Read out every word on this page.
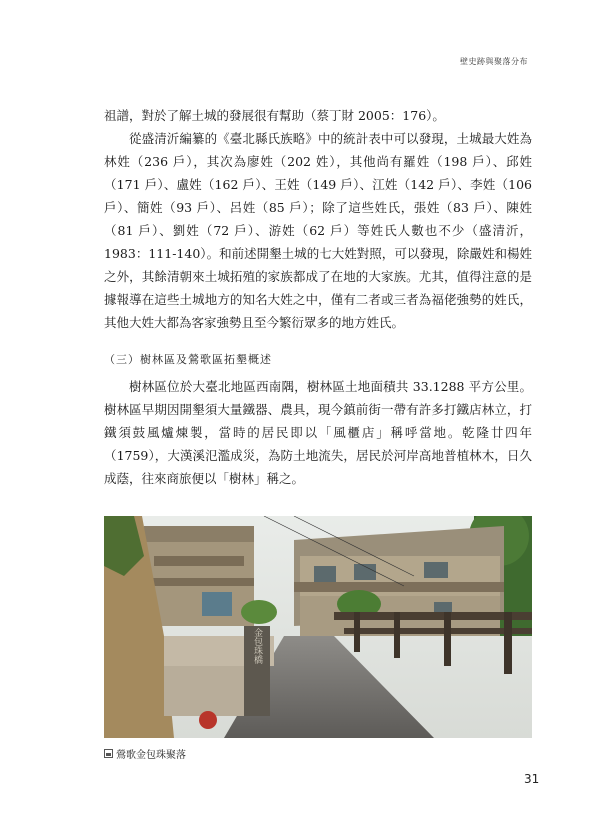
壁史跡與聚落分布

祖譜，對於了解土城的發展很有幫助（蔡丁財 2005：176）。

從盛清沂編纂的《臺北縣氏族略》中的統計表中可以發現，土城最大姓為林姓（236 戶），其次為廖姓（202 姓），其他尚有羅姓（198 戶）、邱姓（171 戶）、盧姓（162 戶）、王姓（149 戶）、江姓（142 戶）、李姓（106 戶）、簡姓（93 戶）、呂姓（85 戶）；除了這些姓氏，張姓（83 戶）、陳姓（81 戶）、劉姓（72 戶）、游姓（62 戶）等姓氏人數也不少（盛清沂，1983：111-140）。和前述開墾土城的七大姓對照，可以發現，除嚴姓和楊姓之外，其餘清朝來土城拓殖的家族都成了在地的大家族。尤其，值得注意的是據報導在這些土城地方的知名大姓之中，僅有二者或三者為福佬強勢的姓氏，其他大姓大都為客家強勢且至今繁衍眾多的地方姓氏。

（三）樹林區及鶯歌區拓墾概述

樹林區位於大臺北地區西南隅，樹林區土地面積共 33.1288 平方公里。樹林區早期因開墾須大量鐵器、農具，現今鎮前街一帶有許多打鐵店林立，打鐵須鼓風爐煉製，當時的居民即以「風櫃店」稱呼當地。乾隆廿四年（1759），大漢溪氾濫成災，為防土地流失，居民於河岸高地普植林木，日久成蔭，往來商旅便以「樹林」稱之。

金包珠橋
鶯歌金包珠聚落
31
